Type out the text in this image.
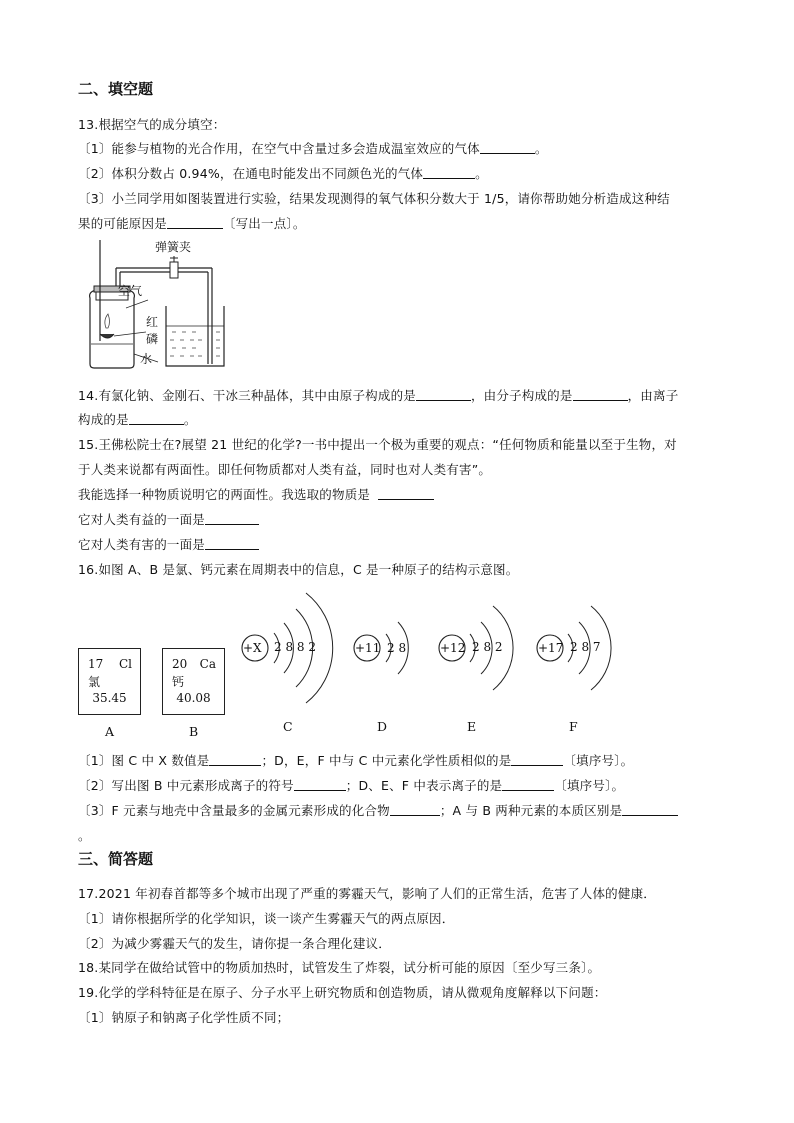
二、填空题
13.根据空气的成分填空：
〔1〕能参与植物的光合作用，在空气中含量过多会造成温室效应的气体	。
〔2〕体积分数占 0.94%，在通电时能发出不同颜色光的气体	。
〔3〕小兰同学用如图装置进行实验，结果发现测得的氧气体积分数大于 1/5，请你帮助她分析造成这种结
果的可能原因是	〔写出一点〕。
弹簧夹
空气
红
磷
水
14.有氯化钠、金刚石、干冰三种晶体，其中由原子构成的是	，由分子构成的是	，由离子
构成的是	。
15.王佛松院士在?展望 21 世纪的化学?一书中提出一个极为重要的观点：“任何物质和能量以至于生物，对
于人类来说都有两面性。即任何物质都对人类有益，同时也对人类有害”。
我能选择一种物质说明它的两面性。我选取的物质是
它对人类有益的一面是
它对人类有害的一面是
16.如图 A、B 是氯、钙元素在周期表中的信息，C 是一种原子的结构示意图。
17 Cl
氯
35.45
A
20 Ca
钙
40.08
B
+X 2 8 8 2
C
+11 2 8
D
+12 2 8 2
E
+17 2 8 7
F
〔1〕图 C 中 X 数值是	；D，E，F 中与 C 中元素化学性质相似的是	〔填序号〕。
〔2〕写出图 B 中元素形成离子的符号	；D、E、F 中表示离子的是	〔填序号〕。
〔3〕F 元素与地壳中含量最多的金属元素形成的化合物	；A 与 B 两种元素的本质区别是
。
三、简答题
17.2021 年初春首都等多个城市出现了严重的雾霾天气，影响了人们的正常生活，危害了人体的健康．
〔1〕请你根据所学的化学知识，谈一谈产生雾霾天气的两点原因．
〔2〕为减少雾霾天气的发生，请你提一条合理化建议．
18.某同学在做给试管中的物质加热时，试管发生了炸裂，试分析可能的原因〔至少写三条〕。
19.化学的学科特征是在原子、分子水平上研究物质和创造物质，请从微观角度解释以下问题：
〔1〕钠原子和钠离子化学性质不同；
